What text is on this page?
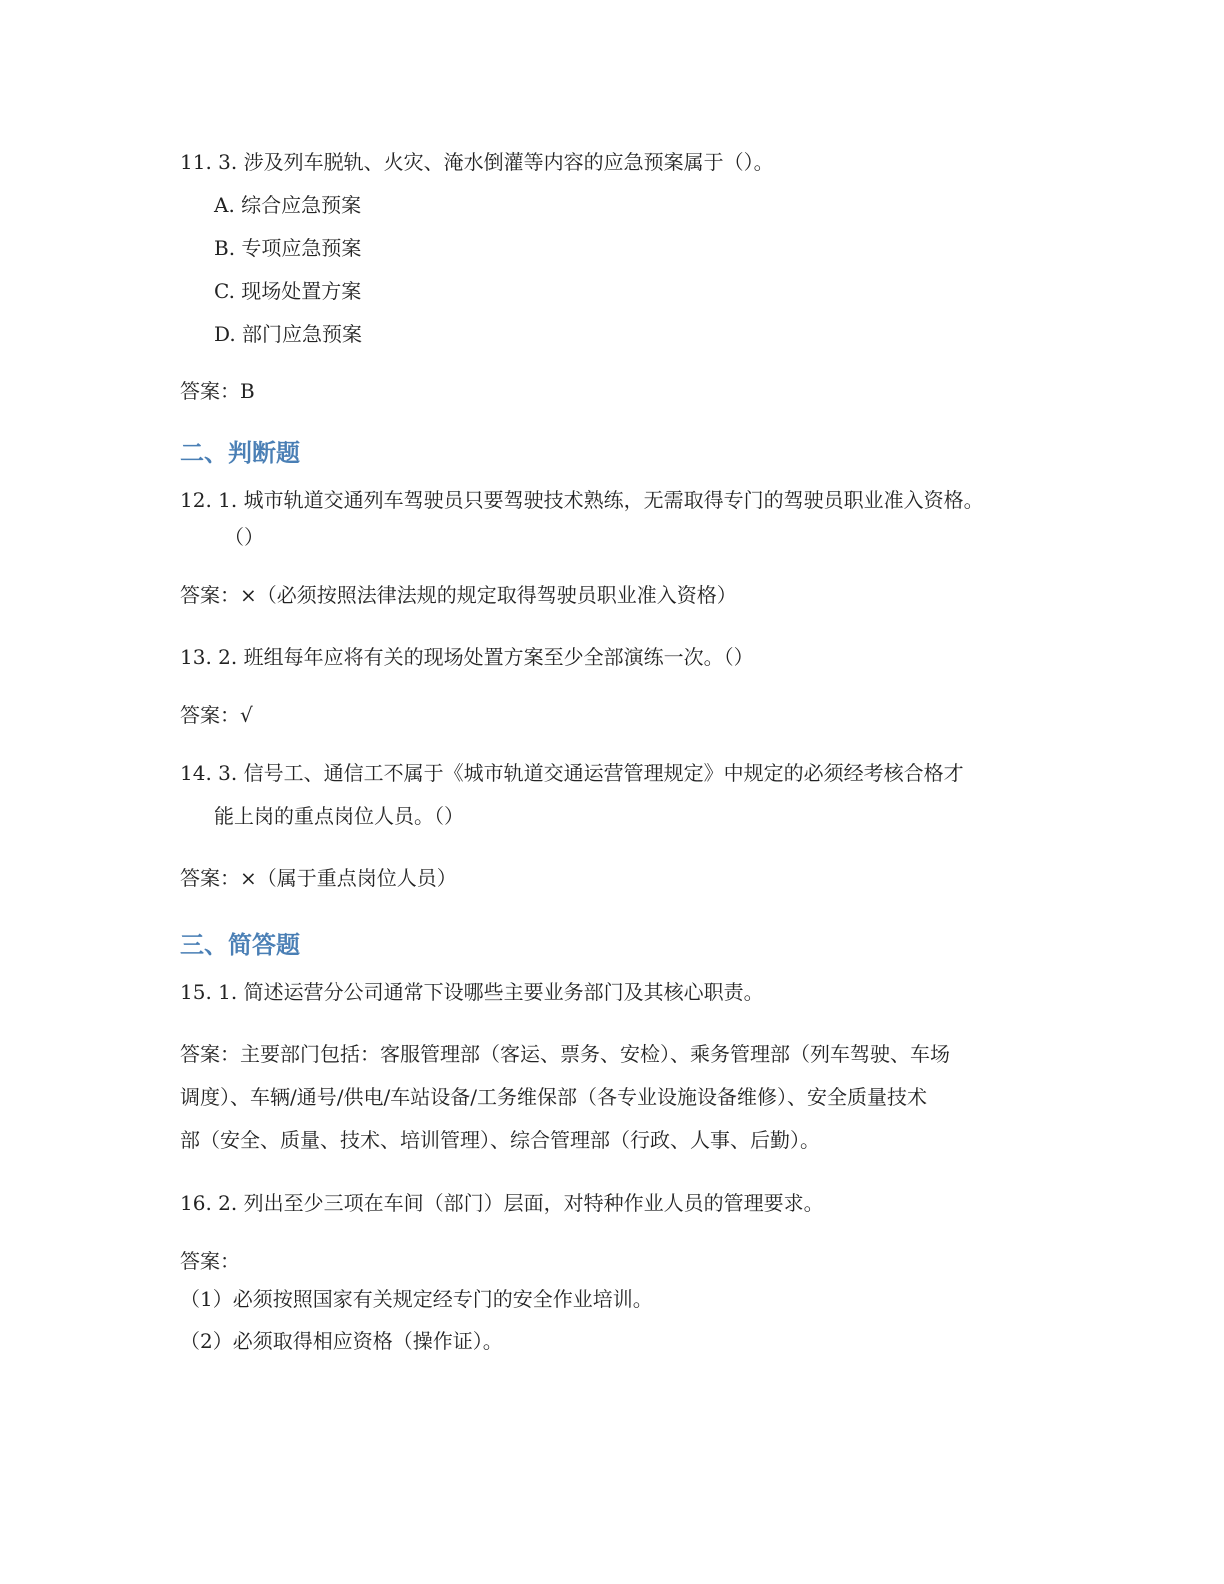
11. 3. 涉及列车脱轨、火灾、淹水倒灌等内容的应急预案属于（）。
A. 综合应急预案
B. 专项应急预案
C. 现场处置方案
D. 部门应急预案
答案：B
二、判断题
12. 1. 城市轨道交通列车驾驶员只要驾驶技术熟练，无需取得专门的驾驶员职业准入资格。
（）
答案：×（必须按照法律法规的规定取得驾驶员职业准入资格）
13. 2. 班组每年应将有关的现场处置方案至少全部演练一次。（）
答案：√
14. 3. 信号工、通信工不属于《城市轨道交通运营管理规定》中规定的必须经考核合格才
能上岗的重点岗位人员。（）
答案：×（属于重点岗位人员）
三、简答题
15. 1. 简述运营分公司通常下设哪些主要业务部门及其核心职责。
答案：主要部门包括：客服管理部（客运、票务、安检）、乘务管理部（列车驾驶、车场
调度）、车辆/通号/供电/车站设备/工务维保部（各专业设施设备维修）、安全质量技术
部（安全、质量、技术、培训管理）、综合管理部（行政、人事、后勤）。
16. 2. 列出至少三项在车间（部门）层面，对特种作业人员的管理要求。
答案：
（1）必须按照国家有关规定经专门的安全作业培训。
（2）必须取得相应资格（操作证）。
